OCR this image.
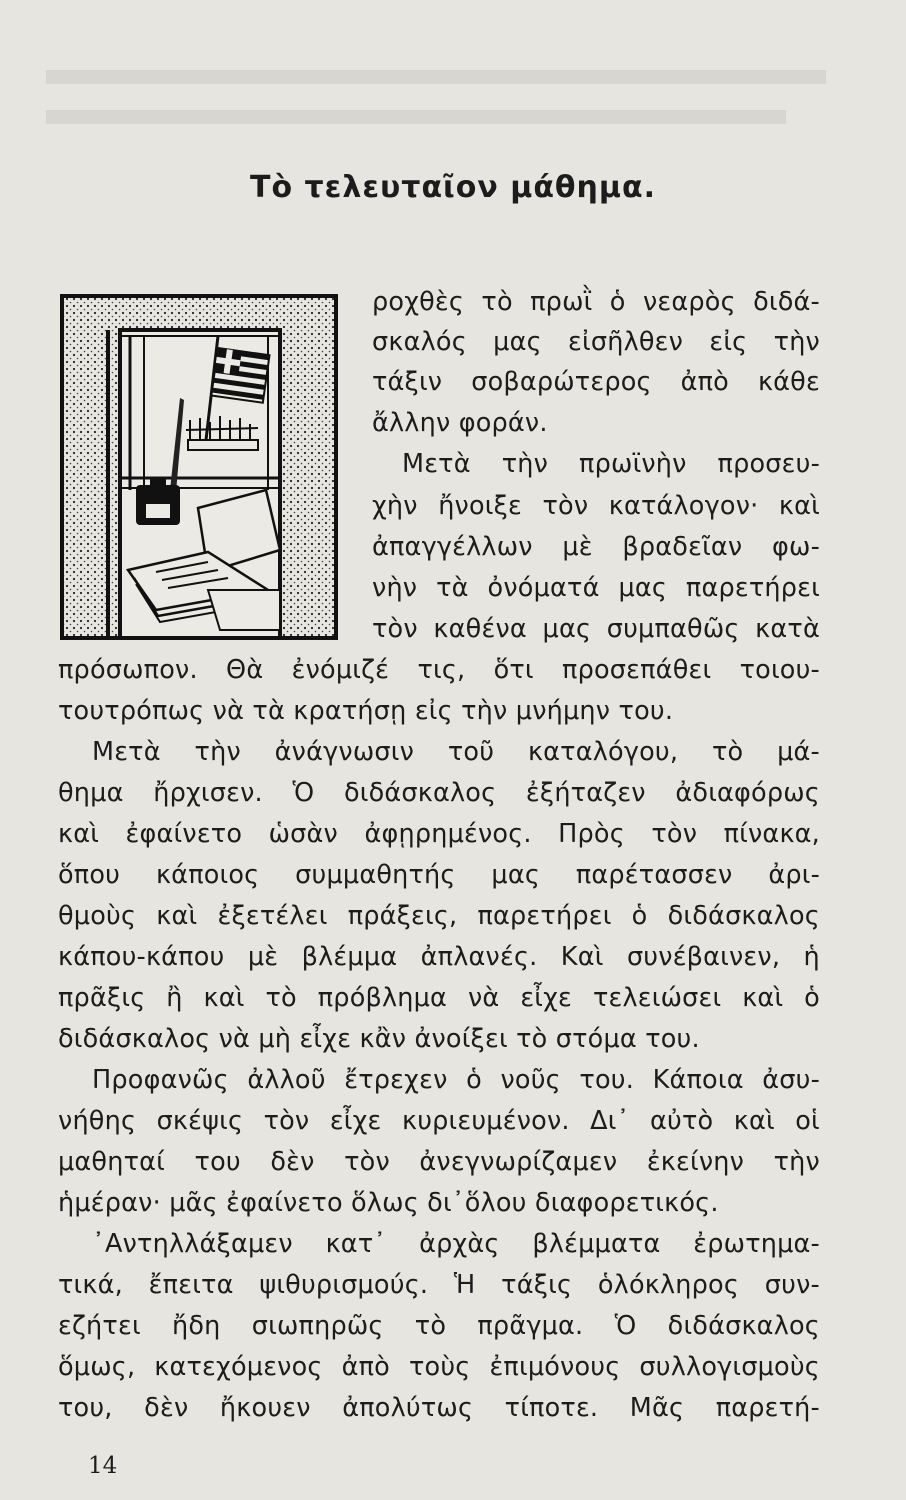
Τὸ τελευταῖον μάθημα.
ροχθὲς τὸ πρωῒ ὁ νεαρὸς διδά-
σκαλός μας εἰσῆλθεν εἰς τὴν
τάξιν σοβαρώτερος ἀπὸ κάθε
ἄλλην φοράν.
Μετὰ τὴν πρωϊνὴν προσευ-
χὴν ἤνοιξε τὸν κατάλογον· καὶ
ἀπαγγέλλων μὲ βραδεῖαν φω-
νὴν τὰ ὀνόματά μας παρετήρει
τὸν καθένα μας συμπαθῶς κατὰ
πρόσωπον. Θὰ ἐνόμιζέ τις, ὅτι προσεπάθει τοιου-
τουτρόπως νὰ τὰ κρατήσῃ εἰς τὴν μνήμην του.
Μετὰ τὴν ἀνάγνωσιν τοῦ καταλόγου, τὸ μά-
θημα ἤρχισεν. Ὁ διδάσκαλος ἐξήταζεν ἀδιαφόρως
καὶ ἐφαίνετο ὡσὰν ἀφῃρημένος. Πρὸς τὸν πίνακα,
ὅπου κάποιος συμμαθητής μας παρέτασσεν ἀρι-
θμοὺς καὶ ἐξετέλει πράξεις, παρετήρει ὁ διδάσκαλος
κάπου-κάπου μὲ βλέμμα ἀπλανές. Καὶ συνέβαινεν, ἡ
πρᾶξις ἢ καὶ τὸ πρόβλημα νὰ εἶχε τελειώσει καὶ ὁ
διδάσκαλος νὰ μὴ εἶχε κἂν ἀνοίξει τὸ στόμα του.
Προφανῶς ἀλλοῦ ἔτρεχεν ὁ νοῦς του. Κάποια ἀσυ-
νήθης σκέψις τὸν εἶχε κυριευμένον. Δι᾽ αὐτὸ καὶ οἱ
μαθηταί του δὲν τὸν ἀνεγνωρίζαμεν ἐκείνην τὴν
ἡμέραν· μᾶς ἐφαίνετο ὅλως δι᾽ὅλου διαφορετικός.
᾽Αντηλλάξαμεν κατ᾽ ἀρχὰς βλέμματα ἐρωτημα-
τικά, ἔπειτα ψιθυρισμούς. Ἡ τάξις ὁλόκληρος συν-
εζήτει ἤδη σιωπηρῶς τὸ πρᾶγμα. Ὁ διδάσκαλος
ὅμως, κατεχόμενος ἀπὸ τοὺς ἐπιμόνους συλλογισμοὺς
του, δὲν ἤκουεν ἀπολύτως τίποτε. Μᾶς παρετή-
14
